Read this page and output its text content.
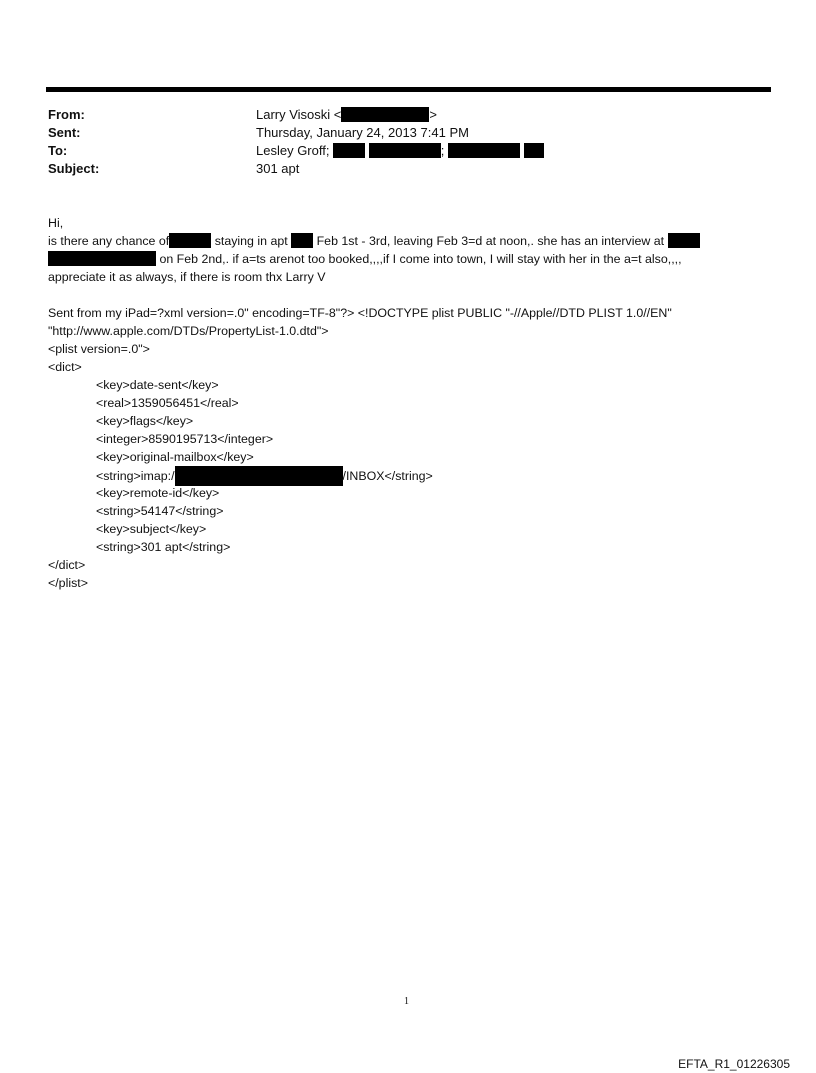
From:	Larry Visoski <	>
Sent:	Thursday, January 24, 2013 7:41 PM
To:	Lesley Groff;	;
Subject:	301 apt
Hi,
is there any chance of	staying in apt Feb 1st - 3rd, leaving Feb 3=d at noon,. she has an interview at
on Feb 2nd,. if a=ts arenot too booked,,,,if I come into town, I will stay with her in the a=t also,,,,
appreciate it as always, if there is room thx Larry V
Sent from my iPad=?xml version=.0" encoding=TF-8"?> <!DOCTYPE plist PUBLIC "-//Apple//DTD PLIST 1.0//EN"
"http://www.apple.com/DTDs/PropertyList-1.0.dtd">
<plist version=.0">
<dict>
<key>date-sent</key>
<real>1359056451</real>
<key>flags</key>
<integer>8590195713</integer>
<key>original-mailbox</key>
<string>imap:/	/INBOX</string>
<key>remote-id</key>
<string>54147</string>
<key>subject</key>
<string>301 apt</string>
</dict>
</plist>
1
EFTA_R1_01226305
